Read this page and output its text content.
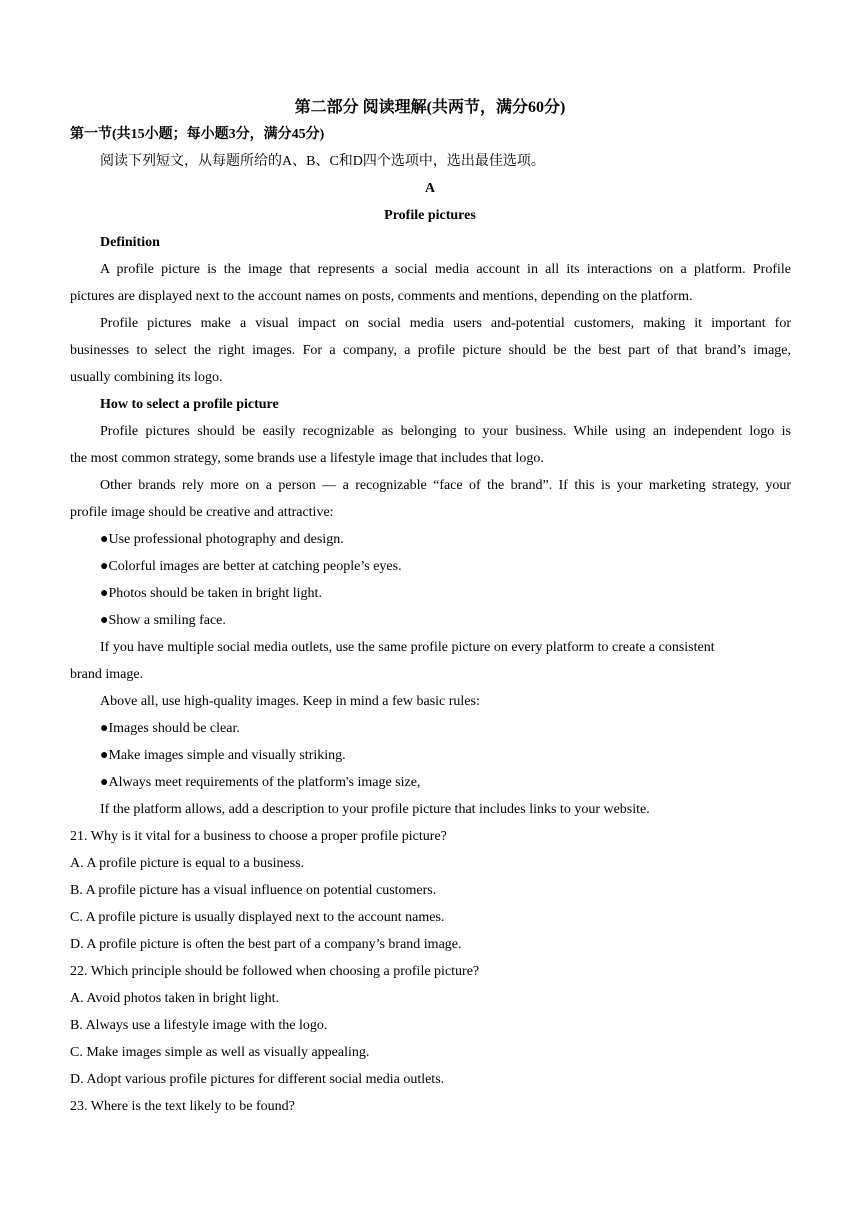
第二部分 阅读理解(共两节，满分60分)
第一节(共15小题；每小题3分，满分45分)
阅读下列短文，从每题所给的A、B、C和D四个选项中，选出最佳选项。
A
Profile pictures
Definition
A profile picture is the image that represents a social media account in all its interactions on a platform. Profile
pictures are displayed next to the account names on posts, comments and mentions, depending on the platform.
Profile pictures make a visual impact on social media users and-potential customers, making it important for
businesses to select the right images. For a company, a profile picture should be the best part of that brand’s image,
usually combining its logo.
How to select a profile picture
Profile pictures should be easily recognizable as belonging to your business. While using an independent logo is
the most common strategy, some brands use a lifestyle image that includes that logo.
Other brands rely more on a person — a recognizable “face of the brand”. If this is your marketing strategy, your
profile image should be creative and attractive:
●Use professional photography and design.
●Colorful images are better at catching people’s eyes.
●Photos should be taken in bright light.
●Show a smiling face.
If you have multiple social media outlets, use the same profile picture on every platform to create a consistent
brand image.
Above all, use high-quality images. Keep in mind a few basic rules:
●Images should be clear.
●Make images simple and visually striking.
●Always meet requirements of the platform's image size,
If the platform allows, add a description to your profile picture that includes links to your website.
21. Why is it vital for a business to choose a proper profile picture?
A. A profile picture is equal to a business.
B. A profile picture has a visual influence on potential customers.
C. A profile picture is usually displayed next to the account names.
D. A profile picture is often the best part of a company’s brand image.
22. Which principle should be followed when choosing a profile picture?
A. Avoid photos taken in bright light.
B. Always use a lifestyle image with the logo.
C. Make images simple as well as visually appealing.
D. Adopt various profile pictures for different social media outlets.
23. Where is the text likely to be found?
